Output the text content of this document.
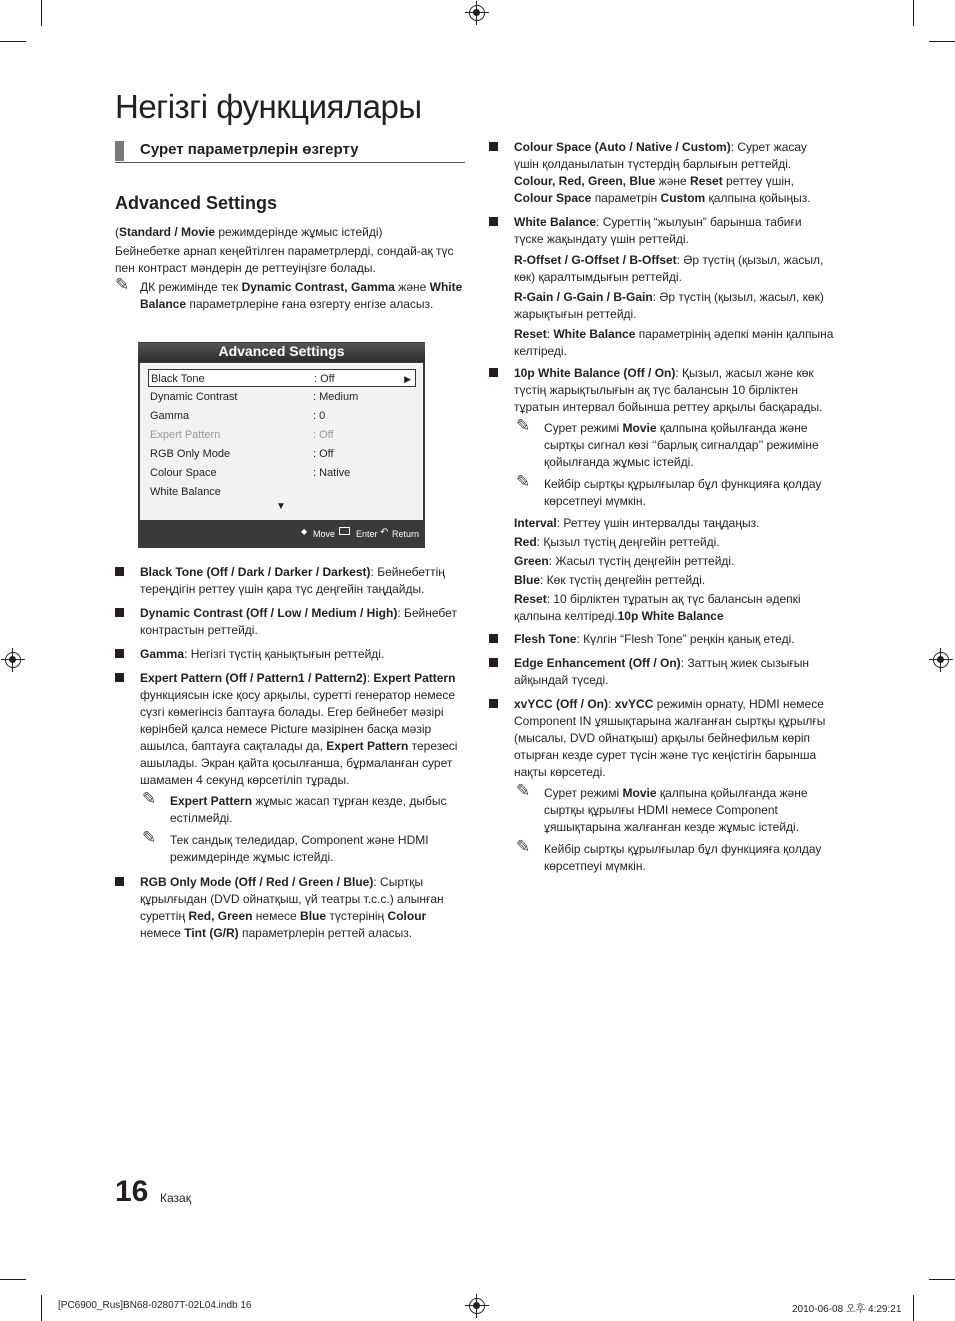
Негізгі функциялары
Сурет параметрлерін өзгерту
Advanced Settings
(Standard / Movie режимдерінде жұмыс істейді)
Бейнебетке арнап кеңейтілген параметрлерді, сондай-ақ түс пен контраст мәндерін де реттеуіңізге болады.
✎ ДК режимінде тек Dynamic Contrast, Gamma және White Balance параметрлеріне ғана өзгерту енгізе аласыз.
Advanced Settings
Black Tone	: Off	▶
Dynamic Contrast	: Medium
Gamma	: 0
Expert Pattern	: Off
RGB Only Mode	: Off
Colour Space	: Native
White Balance
▼
◆ Move Enter ↶ Return
Black Tone (Off / Dark / Darker / Darkest): Бейнебеттің тереңдігін реттеу үшін қара түс деңгейін таңдайды.
Dynamic Contrast (Off / Low / Medium / High): Бейнебет контрастын реттейді.
Gamma: Негізгі түстің қанықтығын реттейді.
Expert Pattern (Off / Pattern1 / Pattern2): Expert Pattern функциясын іске қосу арқылы, суретті генератор немесе сүзгі көмегінсіз баптауға болады. Егер бейнебет мәзірі көрінбей қалса немесе Picture мәзірінен басқа мәзір ашылса, баптауға сақталады да, Expert Pattern терезесі ашылады. Экран қайта қосылғанша, бұрмаланған сурет шамамен 4 секунд көрсетіліп тұрады.
✎ Expert Pattern жұмыс жасап тұрған кезде, дыбыс естілмейді.
✎ Тек сандық теледидар, Component және HDMI режимдерінде жұмыс істейді.
RGB Only Mode (Off / Red / Green / Blue): Сыртқы құрылғыдан (DVD ойнатқыш, үй театры т.с.с.) алынған суреттің Red, Green немесе Blue түстерінің Colour немесе Tint (G/R) параметрлерін реттей аласыз.
Colour Space (Auto / Native / Custom): Сурет жасау үшін қолданылатын түстердің барлығын реттейді. Colour, Red, Green, Blue және Reset реттеу үшін, Colour Space параметрін Custom қалпына қойыңыз.
White Balance: Суреттің “жылуын” барынша табиғи түске жақындату үшін реттейді.
R-Offset / G-Offset / B-Offset: Әр түстің (қызыл, жасыл, көк) қаралтымдығын реттейді.
R-Gain / G-Gain / B-Gain: Әр түстің (қызыл, жасыл, көк) жарықтығын реттейді.
Reset: White Balance параметрінің әдепкі мәнін қалпына келтіреді.
10p White Balance (Off / On): Қызыл, жасыл және көк түстің жарықтылығын ақ түс балансын 10 бірліктен тұратын интервал бойынша реттеу арқылы басқарады.
✎ Сурет режимі Movie қалпына қойылғанда және сыртқы сигнал көзі ‘‘барлық сигналдар’’ режиміне қойылғанда жұмыс істейді.
✎ Кейбір сыртқы құрылғылар бұл функцияға қолдау көрсетпеуі мүмкін.
Interval: Реттеу үшін интервалды таңдаңыз.
Red: Қызыл түстің деңгейін реттейді.
Green: Жасыл түстің деңгейін реттейді.
Blue: Көк түстің деңгейін реттейді.
Reset: 10 бірліктен тұратын ақ түс балансын әдепкі қалпына келтіреді.10p White Balance
Flesh Tone: Күлгін “Flesh Tone” реңкін қанық етеді.
Edge Enhancement (Off / On): Заттың жиек сызығын айқындай түседі.
xvYCC (Off / On): xvYCC режимін орнату, HDMI немесе Component IN ұяшықтарына жалғанған сыртқы құрылғы (мысалы, DVD ойнатқыш) арқылы бейнефильм көріп отырған кезде сурет түсін және түс кеңістігін барынша нақты көрсетеді.
✎ Сурет режимі Movie қалпына қойылғанда және сыртқы құрылғы HDMI немесе Component ұяшықтарына жалғанған кезде жұмыс істейді.
✎ Кейбір сыртқы құрылғылар бұл функцияға қолдау көрсетпеуі мүмкін.
16 Казақ
[PC6900_Rus]BN68-02807T-02L04.indb 16	2010-06-08 오후 4:29:21
